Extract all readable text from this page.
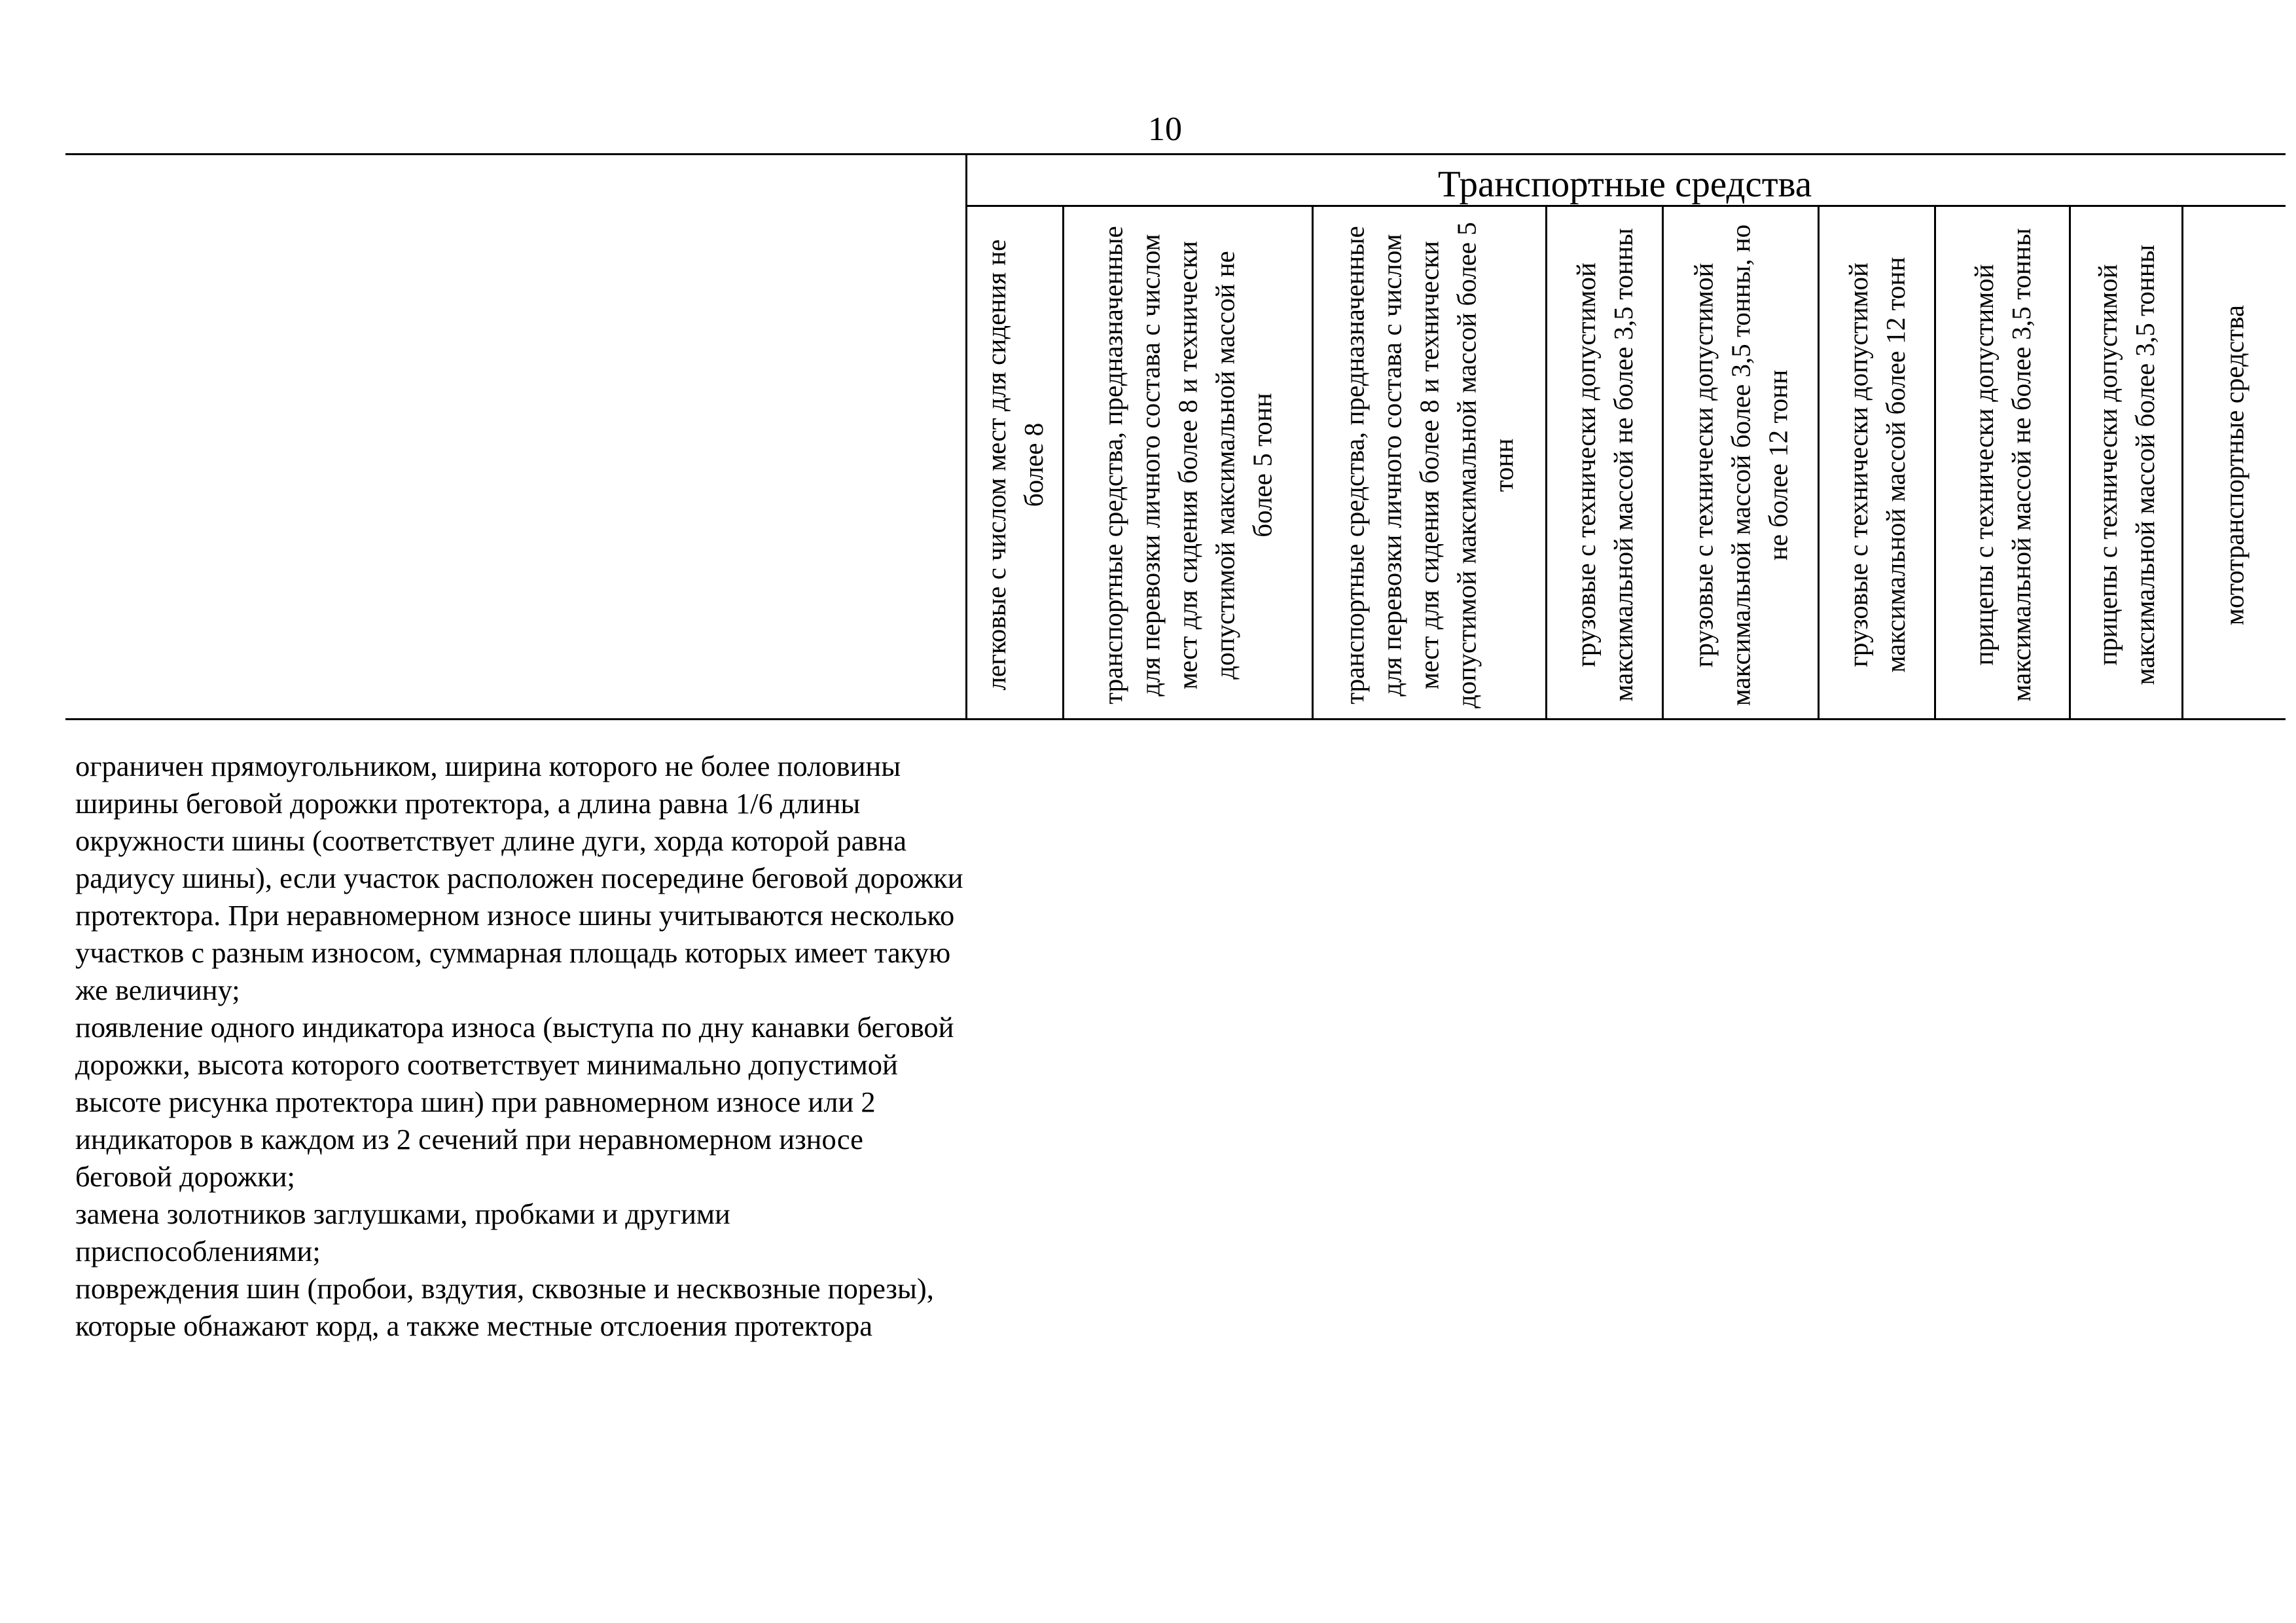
10
Транспортные средства
легковые с числом мест для сидения не более 8 транспортные средства, предназначенные для перевозки личного состава с числом мест для сидения более 8 и технически допустимой максимальной массой не более 5 тонн транспортные средства, предназначенные для перевозки личного состава с числом мест для сидения более 8 и технически допустимой максимальной массой более 5 тонн грузовые с технически допустимой максимальной массой не более 3,5 тонны грузовые с технически допустимой максимальной массой более 3,5 тонны, но не более 12 тонн грузовые с технически допустимой максимальной массой более 12 тонн прицепы с технически допустимой максимальной массой не более 3,5 тонны прицепы с технически допустимой максимальной массой более 3,5 тонны мототранспортные средства

ограничен прямоугольником, ширина которого не более половины ширины беговой дорожки протектора, а длина равна 1/6 длины окружности шины (соответствует длине дуги, хорда которой равна радиусу шины), если участок расположен посередине беговой дорожки протектора. При неравномерном износе шины учитываются несколько участков с разным износом, суммарная площадь которых имеет такую же величину;

появление одного индикатора износа (выступа по дну канавки беговой дорожки, высота которого соответствует минимально допустимой высоте рисунка протектора шин) при равномерном износе или 2 индикаторов в каждом из 2 сечений при неравномерном износе беговой дорожки;

замена золотников заглушками, пробками и другими приспособлениями;

повреждения шин (пробои, вздутия, сквозные и несквозные порезы), которые обнажают корд, а также местные отслоения протектора
